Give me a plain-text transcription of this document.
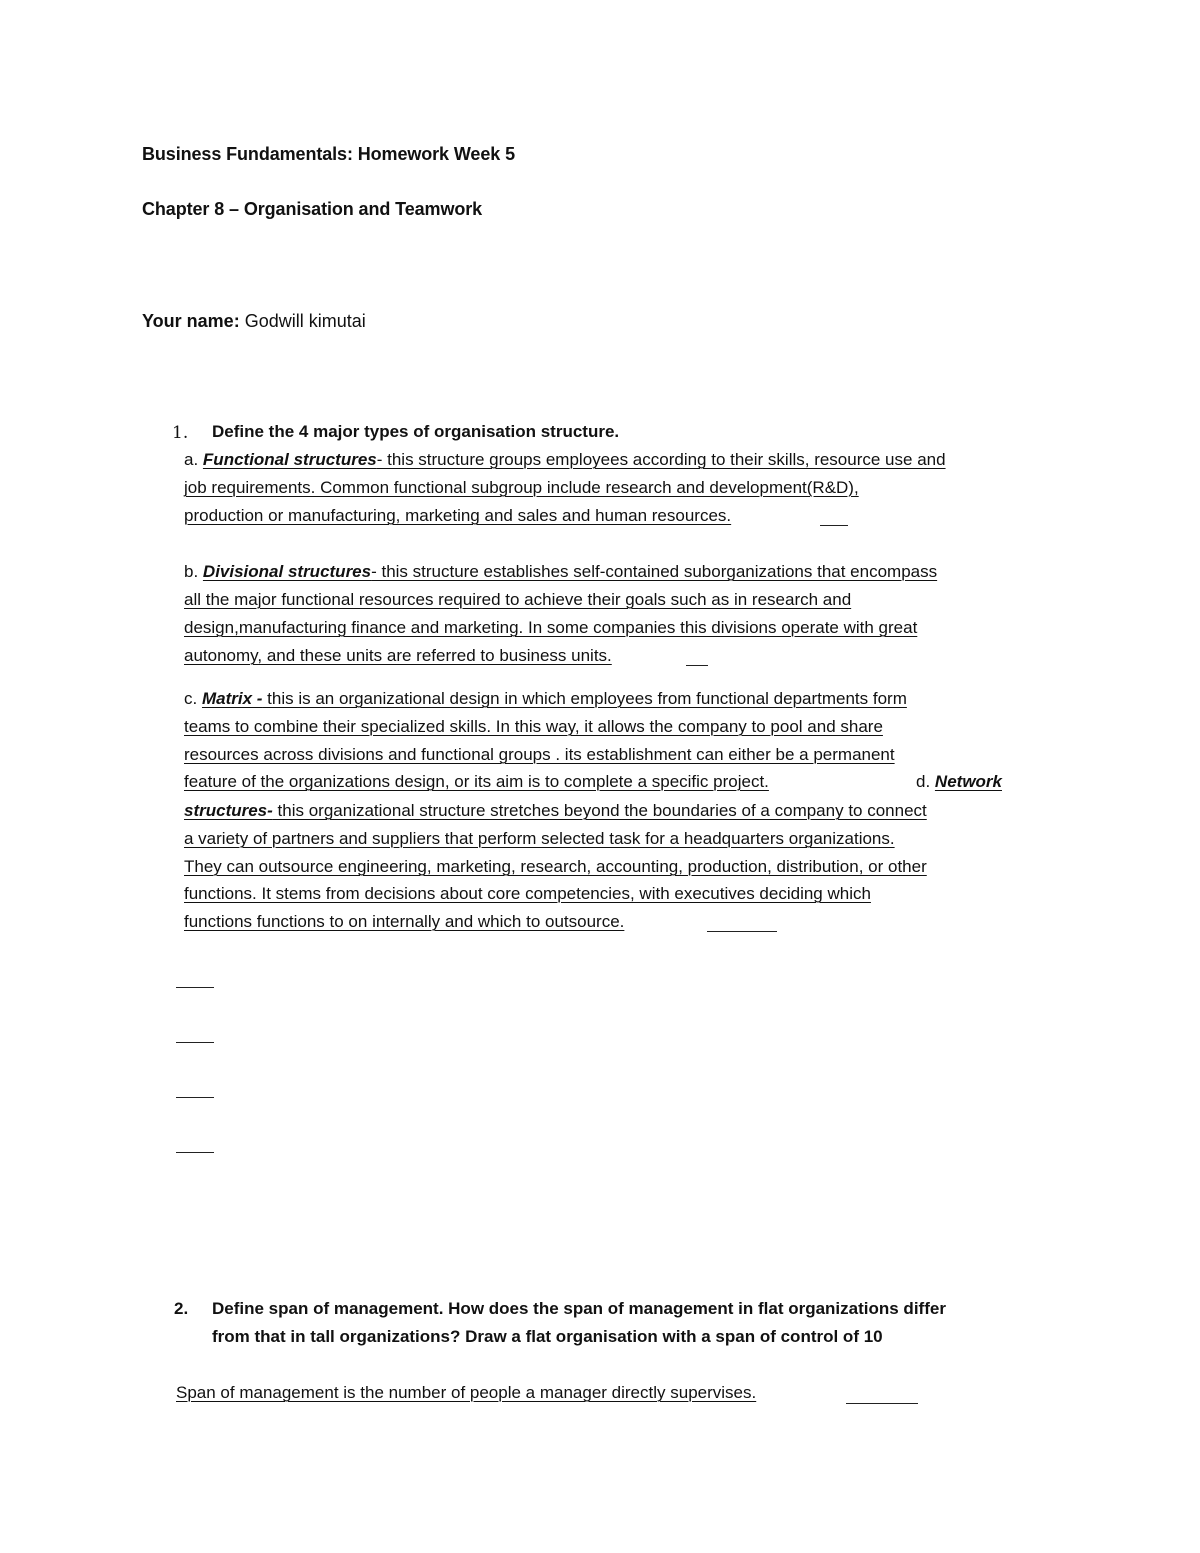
Business Fundamentals: Homework Week 5
Chapter 8 – Organisation and Teamwork
Your name: Godwill kimutai
1. Define the 4 major types of organisation structure.
a. Functional structures- this structure groups employees according to their skills, resource use and
job requirements. Common functional subgroup include research and development(R&D),
production or manufacturing, marketing and sales and human resources.
b. Divisional structures- this structure establishes self-contained suborganizations that encompass
all the major functional resources required to achieve their goals such as in research and
design,manufacturing finance and marketing. In some companies this divisions operate with great
autonomy, and these units are referred to business units.
c. Matrix - this is an organizational design in which employees from functional departments form
teams to combine their specialized skills. In this way, it allows the company to pool and share
resources across divisions and functional groups . its establishment can either be a permanent
feature of the organizations design, or its aim is to complete a specific project.	d. Network
structures- this organizational structure stretches beyond the boundaries of a company to connect
a variety of partners and suppliers that perform selected task for a headquarters organizations.
They can outsource engineering, marketing, research, accounting, production, distribution, or other
functions. It stems from decisions about core competencies, with executives deciding which
functions functions to on internally and which to outsource.
2. Define span of management. How does the span of management in flat organizations differ
from that in tall organizations? Draw a flat organisation with a span of control of 10
Span of management is the number of people a manager directly supervises.
